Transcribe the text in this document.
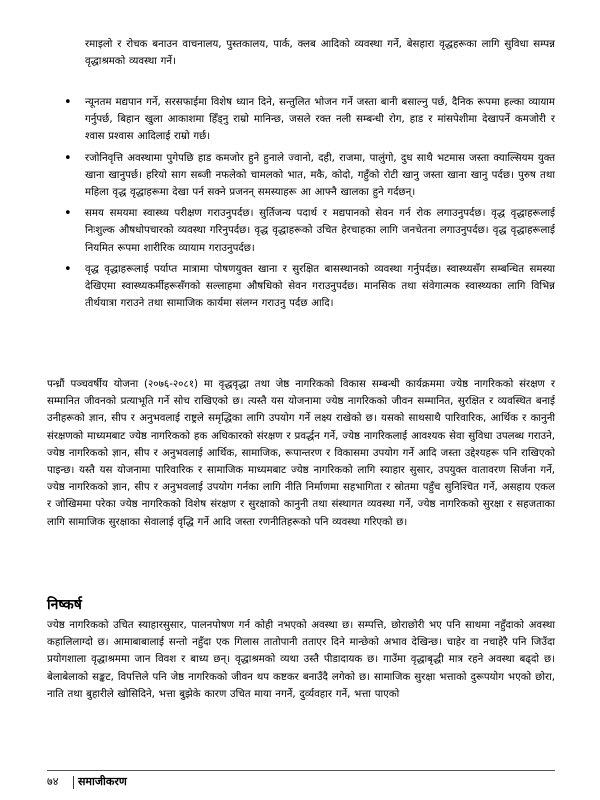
रमाइलो र रोचक बनाउन वाचनालय, पुस्तकालय, पार्क, क्लब आदिको व्यवस्था गर्ने, बेसहारा वृद्धहरूका लागि सुविधा सम्पन्न वृद्धाश्रमको व्यवस्था गर्ने।

• न्यूनतम मद्यपान गर्ने, सरसफाईमा विशेष ध्यान दिने, सन्तुलित भोजन गर्ने जस्ता बानी बसाल्नु पर्छ, दैनिक रूपमा हल्का व्यायाम गर्नुपर्छ, बिहान खुला आकाशमा हिँड्नु राम्रो मानिन्छ, जसले रक्त नली सम्बन्धी रोग, हाड र मांसपेशीमा देखापर्ने कमजोरी र श्वास प्रश्वास आदिलाई राम्रो गर्छ।
• रजोनिवृत्ति अवस्थामा पुगेपछि हाड कमजोर हुने हुनाले ज्वानो, दही, राजमा, पालुंगो, दुध साथै भटमास जस्ता क्याल्सियम युक्त खाना खानुपर्छ। हरियो साग सब्जी नफलेको चामलको भात, मकै, कोदो, गहुँको रोटी खानु जस्ता खाना खानु पर्दछ। पुरुष तथा महिला वृद्ध वृद्धाहरूमा देखा पर्न सक्ने प्रजनन् समस्याहरू आ आफ्नै खालका हुने गर्दछन्।
• समय समयमा स्वास्थ्य परीक्षण गराउनुपर्दछ। सुर्तिजन्य पदार्थ र मद्यपानको सेवन गर्न रोक लगाउनुपर्दछ। वृद्ध वृद्धाहरूलाई निःशुल्क औषधोपचारको व्यवस्था गरिनुपर्दछ। वृद्ध वृद्धाहरूको उचित हेरचाहका लागि जनचेतना लगाउनुपर्दछ। वृद्ध वृद्धाहरूलाई नियमित रूपमा शारीरिक व्यायाम गराउनुपर्दछ।
• वृद्ध वृद्धाहरूलाई पर्याप्त मात्रामा पोषणयुक्त खाना र सुरक्षित बासस्थानको व्यवस्था गर्नुपर्दछ। स्वास्थ्यसँग सम्बन्धित समस्या देखिएमा स्वास्थ्यकर्मीहरूसँगको सल्लाहमा औषधिको सेवन गराउनुपर्दछ। मानसिक तथा संवेगात्मक स्वास्थ्यका लागि विभिन्न तीर्थयात्रा गराउने तथा सामाजिक कार्यमा संलग्न गराउनु पर्दछ आदि।

पन्ध्रौं पञ्चवर्षीय योजना (२०७६-२०८१) मा वृद्धवृद्धा तथा जेष्ठ नागरिकको विकास सम्बन्धी कार्यक्रममा ज्येष्ठ नागरिकको संरक्षण र सम्मानित जीवनको प्रत्याभूति गर्ने सोच राखिएको छ। त्यस्तै यस योजनामा ज्येष्ठ नागरिकको जीवन सम्मानित, सुरक्षित र व्यवस्थित बनाई उनीहरूको ज्ञान, सीप र अनुभवलाई राष्ट्रले समृद्धिका लागि उपयोग गर्ने लक्ष्य राखेको छ। यसको साथसाथै पारिवारिक, आर्थिक र कानुनी संरक्षणको माध्यमबाट ज्येष्ठ नागरिकको हक अधिकारको संरक्षण र प्रवर्द्धन गर्ने, ज्येष्ठ नागरिकलाई आवश्यक सेवा सुविधा उपलब्ध गराउने, ज्येष्ठ नागरिकको ज्ञान, सीप र अनुभवलाई आर्थिक, सामाजिक, रूपान्तरण र विकासमा उपयोग गर्ने आदि जस्ता उद्देश्यहरू पनि राखिएको पाइन्छ। यस्तै यस योजनामा पारिवारिक र सामाजिक माध्यमबाट ज्येष्ठ नागरिकको लागि स्याहार सुसार, उपयुक्त वातावरण सिर्जना गर्ने, ज्येष्ठ नागरिकको ज्ञान, सीप र अनुभवलाई उपयोग गर्नका लागि नीति निर्माणमा सहभागिता र स्रोतमा पहुँच सुनिश्चित गर्ने, असहाय एकल र जोखिममा परेका ज्येष्ठ नागरिकको विशेष संरक्षण र सुरक्षाको कानुनी तथा संस्थागत व्यवस्था गर्ने, ज्येष्ठ नागरिकको सुरक्षा र सहजताका लागि सामाजिक सुरक्षाका सेवालाई वृद्धि गर्ने आदि जस्ता रणनीतिहरूको पनि व्यवस्था गरिएको छ।

निष्कर्ष

ज्येष्ठ नागरिकको उचित स्याहारसुसार, पालनपोषण गर्न कोही नभएको अवस्था छ। सम्पत्ति, छोराछोरी भए पनि साथमा नहुँदाको अवस्था कहालिलाग्दो छ। आमाबाबालाई सन्तो नहुँदा एक गिलास तातोपानी तताएर दिने मान्छेको अभाव देखिन्छ। चाहेर वा नचाहेरै पनि जिउँदा प्रयोगशाला वृद्धाश्रममा जान विवश र बाध्य छन्। वृद्धाश्रमको व्यथा उस्तै पीडादायक छ। गाउँमा वृद्धाबृद्धी मात्र रहने अवस्था बढ्दो छ। बेलाबेलाको सङ्कट, विपत्तिले पनि जेष्ठ नागरिकको जीवन थप कष्टकर बनाउँदै लगेको छ। सामाजिक सुरक्षा भत्ताको दुरूपयोग भएको छोरा, नाति तथा बुहारीले खोसिदिने, भत्ता बुझेके कारण उचित माया नगर्ने, दुर्व्यवहार गर्ने, भत्ता पाएको

७४ समाजीकरण
